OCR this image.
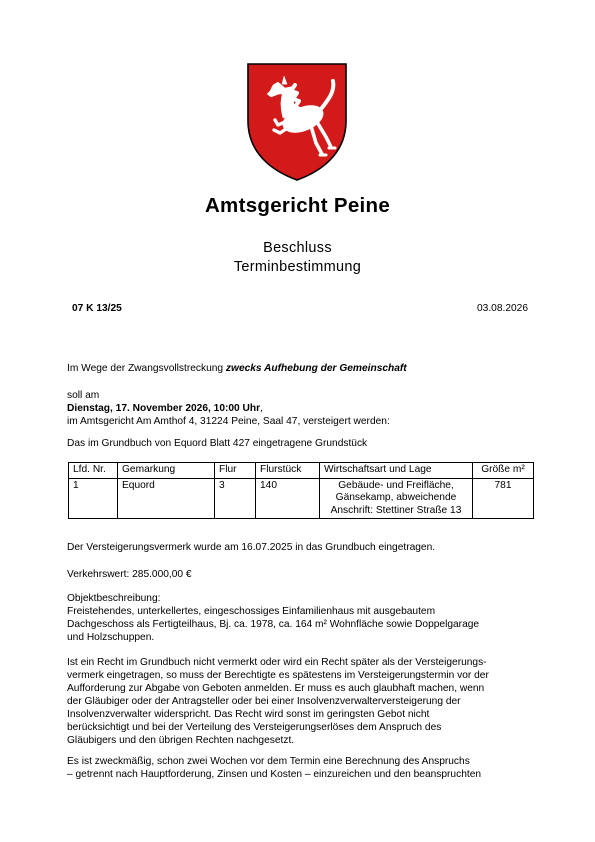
Amtsgericht Peine
Beschluss
Terminbestimmung
07 K 13/25	03.08.2026
Im Wege der Zwangsvollstreckung zwecks Aufhebung der Gemeinschaft
soll am
Dienstag, 17. November 2026, 10:00 Uhr,
im Amtsgericht Am Amthof 4, 31224 Peine, Saal 47, versteigert werden:
Das im Grundbuch von Equord Blatt 427 eingetragene Grundstück
Lfd. Nr.	Gemarkung	Flur	Flurstück	Wirtschaftsart und Lage	Größe m²
1	Equord	3	140	Gebäude- und Freifläche,
Gänsekamp, abweichende
Anschrift: Stettiner Straße 13	781
Der Versteigerungsvermerk wurde am 16.07.2025 in das Grundbuch eingetragen.
Verkehrswert: 285.000,00 €
Objektbeschreibung:
Freistehendes, unterkellertes, eingeschossiges Einfamilienhaus mit ausgebautem
Dachgeschoss als Fertigteilhaus, Bj. ca. 1978, ca. 164 m² Wohnfläche sowie Doppelgarage
und Holzschuppen.
Ist ein Recht im Grundbuch nicht vermerkt oder wird ein Recht später als der Versteigerungs-
vermerk eingetragen, so muss der Berechtigte es spätestens im Versteigerungstermin vor der
Aufforderung zur Abgabe von Geboten anmelden. Er muss es auch glaubhaft machen, wenn
der Gläubiger oder der Antragsteller oder bei einer Insolvenzverwalterversteigerung der
Insolvenzverwalter widerspricht. Das Recht wird sonst im geringsten Gebot nicht
berücksichtigt und bei der Verteilung des Versteigerungserlöses dem Anspruch des
Gläubigers und den übrigen Rechten nachgesetzt.
Es ist zweckmäßig, schon zwei Wochen vor dem Termin eine Berechnung des Anspruchs
– getrennt nach Hauptforderung, Zinsen und Kosten – einzureichen und den beanspruchten
